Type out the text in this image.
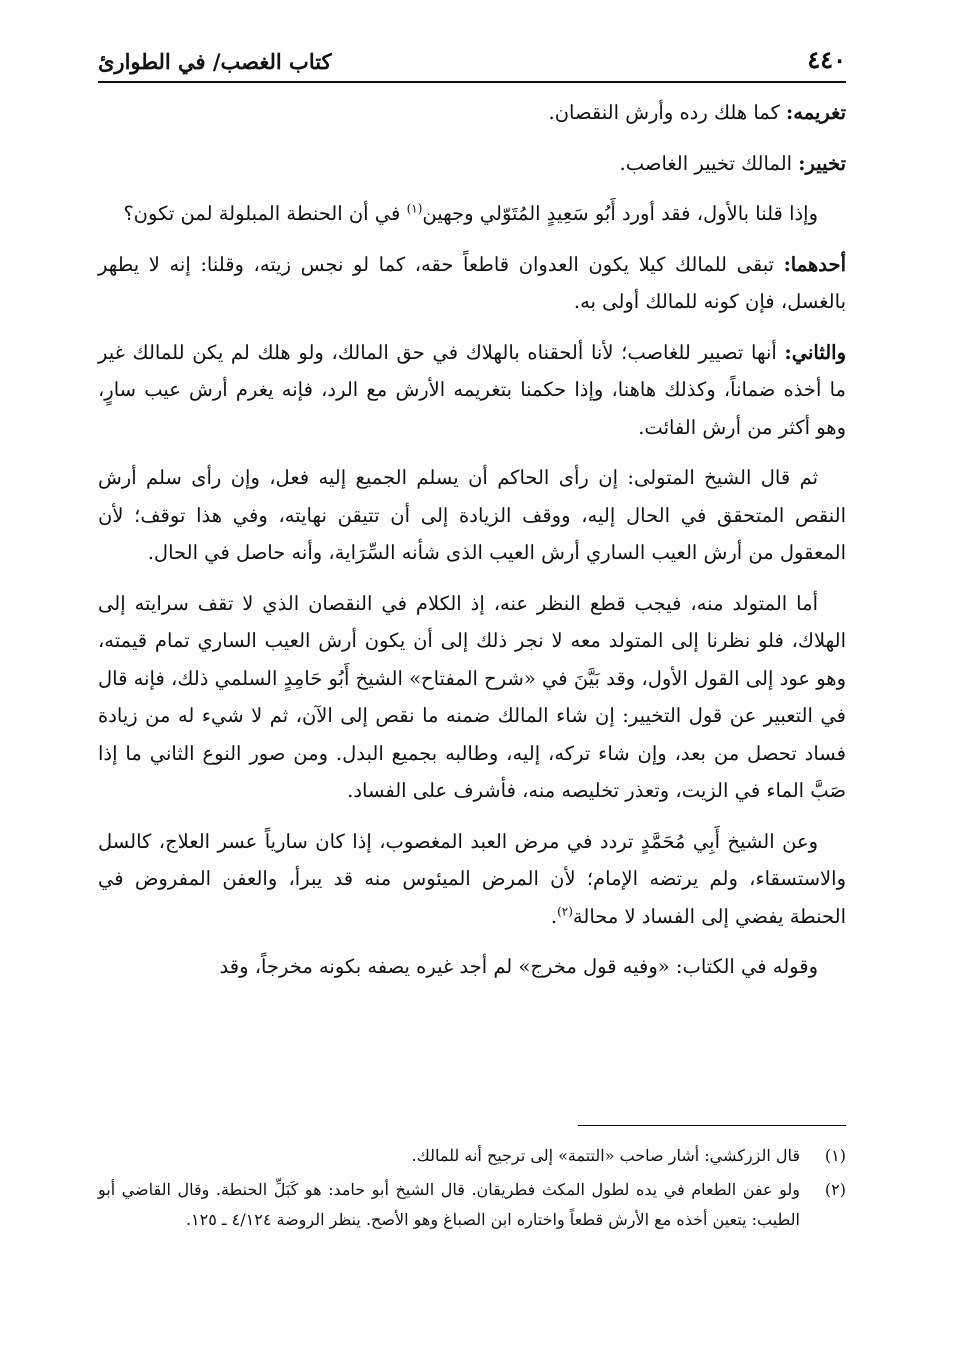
٤٤٠
كتاب الغصب/ في الطوارئ

تغريمه: كما هلك رده وأرش النقصان.

تخيير: المالك تخيير الغاصب.

وإذا قلنا بالأول، فقد أورد أَبُو سَعِيدٍ المُتَوّلي وجهين$^{(١)}$ في أن الحنطة المبلولة لمن تكون؟

أحدهما: تبقى للمالك كيلا يكون العدوان قاطعاً حقه، كما لو نجس زيته، وقلنا: إنه لا يطهر بالغسل، فإن كونه للمالك أولى به.

والثاني: أنها تصيير للغاصب؛ لأنا ألحقناه بالهلاك في حق المالك، ولو هلك لم يكن للمالك غير ما أخذه ضماناً، وكذلك هاهنا، وإذا حكمنا بتغريمه الأرش مع الرد، فإنه يغرم أرش عيب سارٍ، وهو أكثر من أرش الفائت.

ثم قال الشيخ المتولى: إن رأى الحاكم أن يسلم الجميع إليه فعل، وإن رأى سلم أرش النقص المتحقق في الحال إليه، ووقف الزيادة إلى أن تتيقن نهايته، وفي هذا توقف؛ لأن المعقول من أرش العيب الساري أرش العيب الذى شأنه السِّرَاية، وأنه حاصل في الحال.

أما المتولد منه، فيجب قطع النظر عنه، إذ الكلام في النقصان الذي لا تقف سرايته إلى الهلاك، فلو نظرنا إلى المتولد معه لا نجر ذلك إلى أن يكون أرش العيب الساري تمام قيمته، وهو عود إلى القول الأول، وقد بَيَّنَ في «شرح المفتاح» الشيخ أَبُو حَامِدٍ السلمي ذلك، فإنه قال في التعبير عن قول التخيير: إن شاء المالك ضمنه ما نقص إلى الآن، ثم لا شيء له من زيادة فساد تحصل من بعد، وإن شاء تركه، إليه، وطالبه بجميع البدل. ومن صور النوع الثاني ما إذا صَبَّ الماء في الزيت، وتعذر تخليصه منه، فأشرف على الفساد.

وعن الشيخ أَبِي مُحَمَّدٍ تردد في مرض العبد المغصوب، إذا كان سارياً عسر العلاج، كالسل والاستسقاء، ولم يرتضه الإمام؛ لأن المرض الميئوس منه قد يبرأ، والعفن المفروض في الحنطة يفضي إلى الفساد لا محالة$^{(٢)}$.

وقوله في الكتاب: «وفيه قول مخرج» لم أجد غيره يصفه بكونه مخرجاً، وقد

(١)
قال الزركشي: أشار صاحب «التتمة» إلى ترجيح أنه للمالك.
(٢)
ولو عفن الطعام في يده لطول المكث فطريقان. قال الشيخ أبو حامد: هو كَبَلِّ الحنطة. وقال القاضي أبو الطيب: يتعين أخذه مع الأرش قطعاً واختاره ابن الصباغ وهو الأصح. ينظر الروضة ٤/١٢٤ ـ ١٢٥.
